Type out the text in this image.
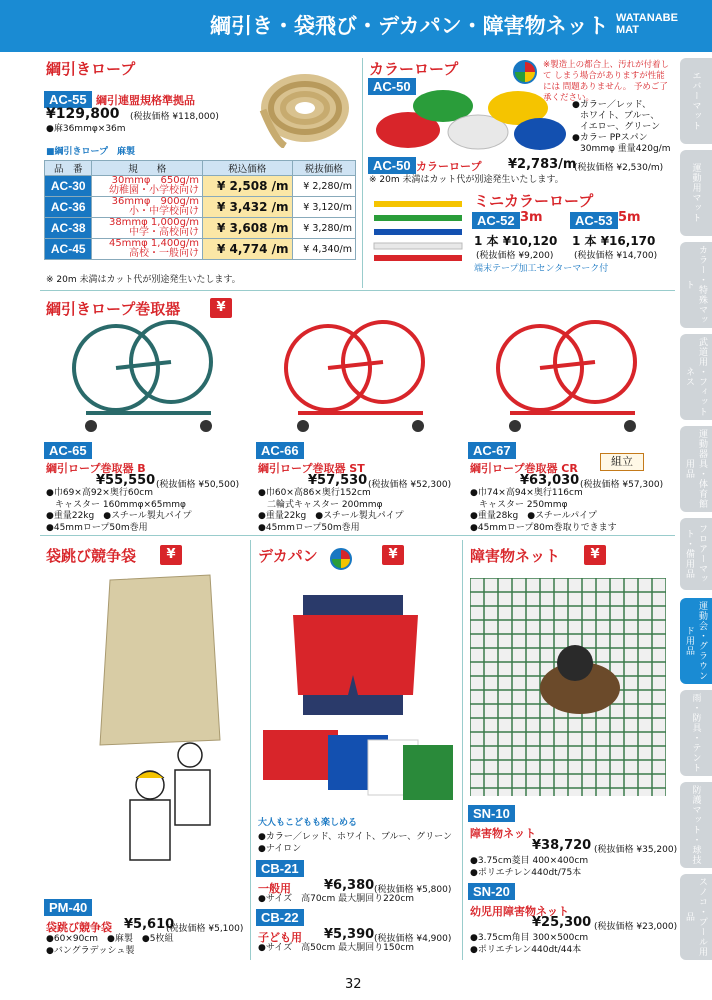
綱引き・袋飛び・デカパン・障害物ネット WATANABE
MAT
エバーマット
運動用マット
カラー・特殊マット
武道用・フィットネス
運動器具・体育館用品
フロアーマット・備用品
運動会・グラウンド用品
雨・防具・テント
防護マット・球技
スノコ・プール用品
綱引きロープ
AC-55 綱引連盟規格準拠品
¥129,800 (税抜価格 ¥118,000)
●麻36mmφ×36m
■綱引きロープ　麻製
品　番	規　　格	税込価格	税抜価格
AC-30	30mmφ　650g/m
幼稚園・小学校向け	¥ 2,508 /m	¥ 2,280/m
AC-36	36mmφ　900g/m
小・中学校向け	¥ 3,432 /m	¥ 3,120/m
AC-38	38mmφ 1,000g/m
中学・高校向け	¥ 3,608 /m	¥ 3,280/m
AC-45	45mmφ 1,400g/m
高校・一般向け	¥ 4,774 /m	¥ 4,340/m
※ 20m 未満はカット代が別途発生いたします。
カラーロープ
AC-50
※製造上の都合上、汚れが付着して しまう場合がありますが性能には 問題ありません。 予めご了承ください。
●カラー／レッド、
ホワイト、ブルー、
イエロー、グリーン
●カラー PPスパン
30mmφ 重量420g/m
AC-50 カラーロープ ¥2,783/m
(税抜価格 ¥2,530/m)
※ 20m 未満はカット代が別途発生いたします。
ミニカラーロープ
AC-52 3m	AC-53 5m
1 本 ¥10,120
(税抜価格 ¥9,200)
1 本 ¥16,170
(税抜価格 ¥14,700)
端末テープ加工センターマーク付
綱引きロープ巻取器	¥
AC-65
綱引ロープ巻取器 B
¥55,550 (税抜価格 ¥50,500)
●巾69×高92×奥行60cm
　キャスター 160mmφ×65mmφ
●重量22kg　●スチール製丸パイプ
●45mmロープ50m巻用
AC-66
綱引ロープ巻取器 ST
¥57,530 (税抜価格 ¥52,300)
●巾60×高86×奥行152cm
　二輪式キャスター 200mmφ
●重量22kg　●スチール製丸パイプ
●45mmロープ50m巻用
AC-67
綱引ロープ巻取器 CR
¥63,030 (税抜価格 ¥57,300)
●巾74×高94×奥行116cm
　キャスター 250mmφ
●重量28kg　●スチールパイプ
●45mmロープ80m巻取りできます
組立
袋跳び競争袋	¥
PM-40
袋跳び競争袋 ¥5,610
(税抜価格 ¥5,100)
●60×90cm　●麻製　●5枚組
●バングラデッシュ製
デカパン	¥
大人もこどもも楽しめる
●カラー／レッド、ホワイト、ブルー、グリーン
●ナイロン
CB-21
一般用	¥6,380 (税抜価格 ¥5,800)
●サイズ　高70cm 最大胴回り220cm
CB-22
子ども用 ¥5,390 (税抜価格 ¥4,900)
●サイズ　高50cm 最大胴回り150cm
障害物ネット	¥
SN-10
障害物ネット
¥38,720 (税抜価格 ¥35,200)
●3.75cm菱目 400×400cm
●ポリエチレン440dt/75本
SN-20
幼児用障害物ネット
¥25,300 (税抜価格 ¥23,000)
●3.75cm角目 300×500cm
●ポリエチレン440dt/44本
32
